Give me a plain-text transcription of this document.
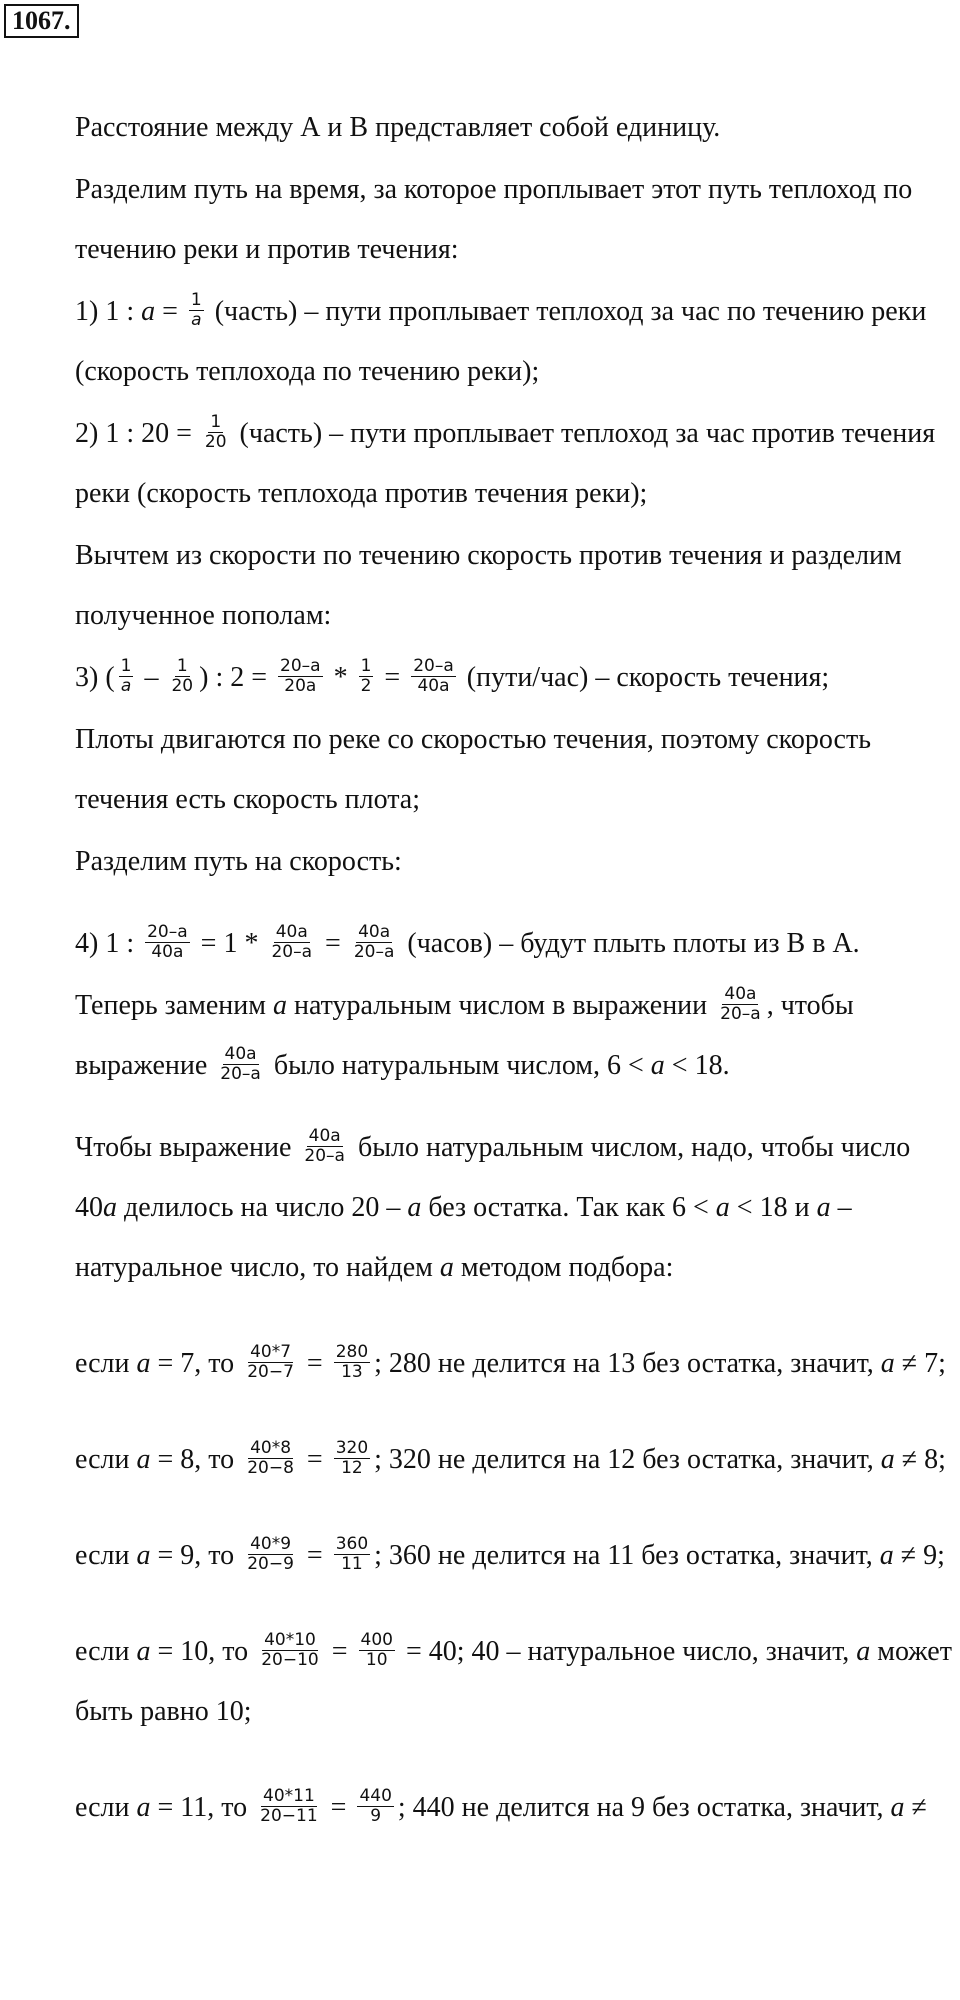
1067.
Расстояние между А и В представляет собой единицу.
Разделим путь на время, за которое проплывает этот путь теплоход по течению реки и против течения:
1) 1 : $a = \frac{1}{a}$ (часть) – пути проплывает теплоход за час по течению реки (скорость теплохода по течению реки);
2) 1 : $20 = \frac{1}{20}$ (часть) – пути проплывает теплоход за час против течения реки (скорость теплохода против течения реки);
Вычтем из скорости по течению скорость против течения и разделим полученное пополам:
3) ( $\frac{1}{a} - \frac{1}{20}$ ) : $2 = \frac{20-a}{20a} * \frac{1}{2} = \frac{20-a}{40a}$ (пути/час) – скорость течения;
Плоты двигаются по реке со скоростью течения, поэтому скорость течения есть скорость плота;
Разделим путь на скорость:
4) 1 : $\frac{20-a}{40a} = 1 * \frac{40a}{20-a} = \frac{40a}{20-a}$ (часов) – будут плыть плоты из В в А.
Теперь заменим a натуральным числом в выражении $\frac{40a}{20-a}$ , чтобы выражение $\frac{40a}{20-a}$ было натуральным числом, 6 < a < 18.
Чтобы выражение $\frac{40a}{20-a}$ было натуральным числом, надо, чтобы число 40a делилось на число 20 – a без остатка. Так как 6 < a < 18 и a – натуральное число, то найдем a методом подбора:
если a = 7, то $\frac{40*7}{20-7} = \frac{280}{13}$ ; 280 не делится на 13 без остатка, значит, a ≠ 7;
если a = 8, то $\frac{40*8}{20-8} = \frac{320}{12}$ ; 320 не делится на 12 без остатка, значит, a ≠ 8;
если a = 9, то $\frac{40*9}{20-9} = \frac{360}{11}$ ; 360 не делится на 11 без остатка, значит, a ≠ 9;
если a = 10, то $\frac{40*10}{20-10} = \frac{400}{10} = 40$; 40 – натуральное число, значит, a может быть равно 10;
если a = 11, то $\frac{40*11}{20-11} = \frac{440}{9}$ ; 440 не делится на 9 без остатка, значит, a ≠
